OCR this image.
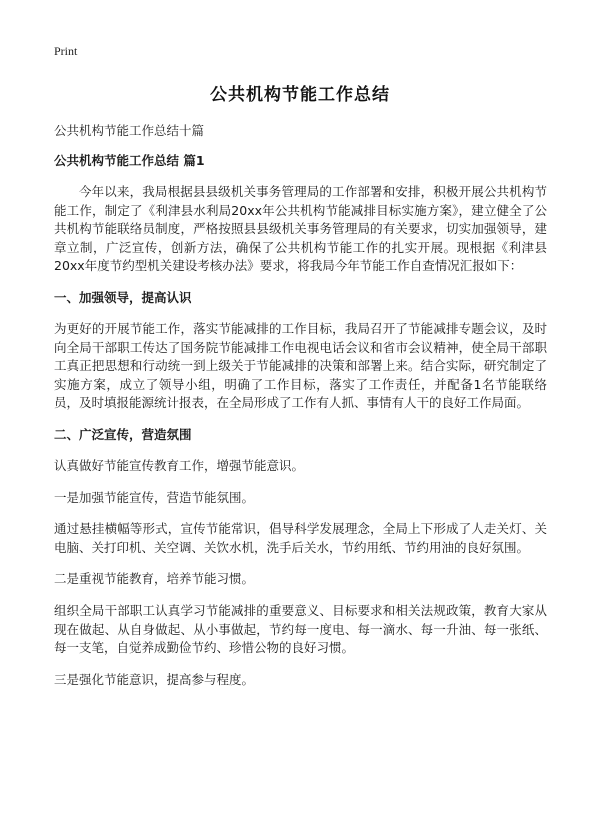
Print
公共机构节能工作总结

公共机构节能工作总结十篇

公共机构节能工作总结 篇1

今年以来，我局根据县县级机关事务管理局的工作部署和安排，积极开展公共机构节能工作，制定了《利津县水利局20xx年公共机构节能减排目标实施方案》，建立健全了公共机构节能联络员制度，严格按照县县级机关事务管理局的有关要求，切实加强领导，建章立制，广泛宣传，创新方法，确保了公共机构节能工作的扎实开展。现根据《利津县20xx年度节约型机关建设考核办法》要求，将我局今年节能工作自查情况汇报如下：

一、加强领导，提高认识

为更好的开展节能工作，落实节能减排的工作目标，我局召开了节能减排专题会议，及时向全局干部职工传达了国务院节能减排工作电视电话会议和省市会议精神，使全局干部职工真正把思想和行动统一到上级关于节能减排的决策和部署上来。结合实际，研究制定了实施方案，成立了领导小组，明确了工作目标，落实了工作责任，并配备1名节能联络员，及时填报能源统计报表，在全局形成了工作有人抓、事情有人干的良好工作局面。

二、广泛宣传，营造氛围

认真做好节能宣传教育工作，增强节能意识。

一是加强节能宣传，营造节能氛围。

通过悬挂横幅等形式，宣传节能常识，倡导科学发展理念，全局上下形成了人走关灯、关电脑、关打印机、关空调、关饮水机，洗手后关水，节约用纸、节约用油的良好氛围。

二是重视节能教育，培养节能习惯。

组织全局干部职工认真学习节能减排的重要意义、目标要求和相关法规政策，教育大家从现在做起、从自身做起、从小事做起，节约每一度电、每一滴水、每一升油、每一张纸、每一支笔，自觉养成勤俭节约、珍惜公物的良好习惯。

三是强化节能意识，提高参与程度。
